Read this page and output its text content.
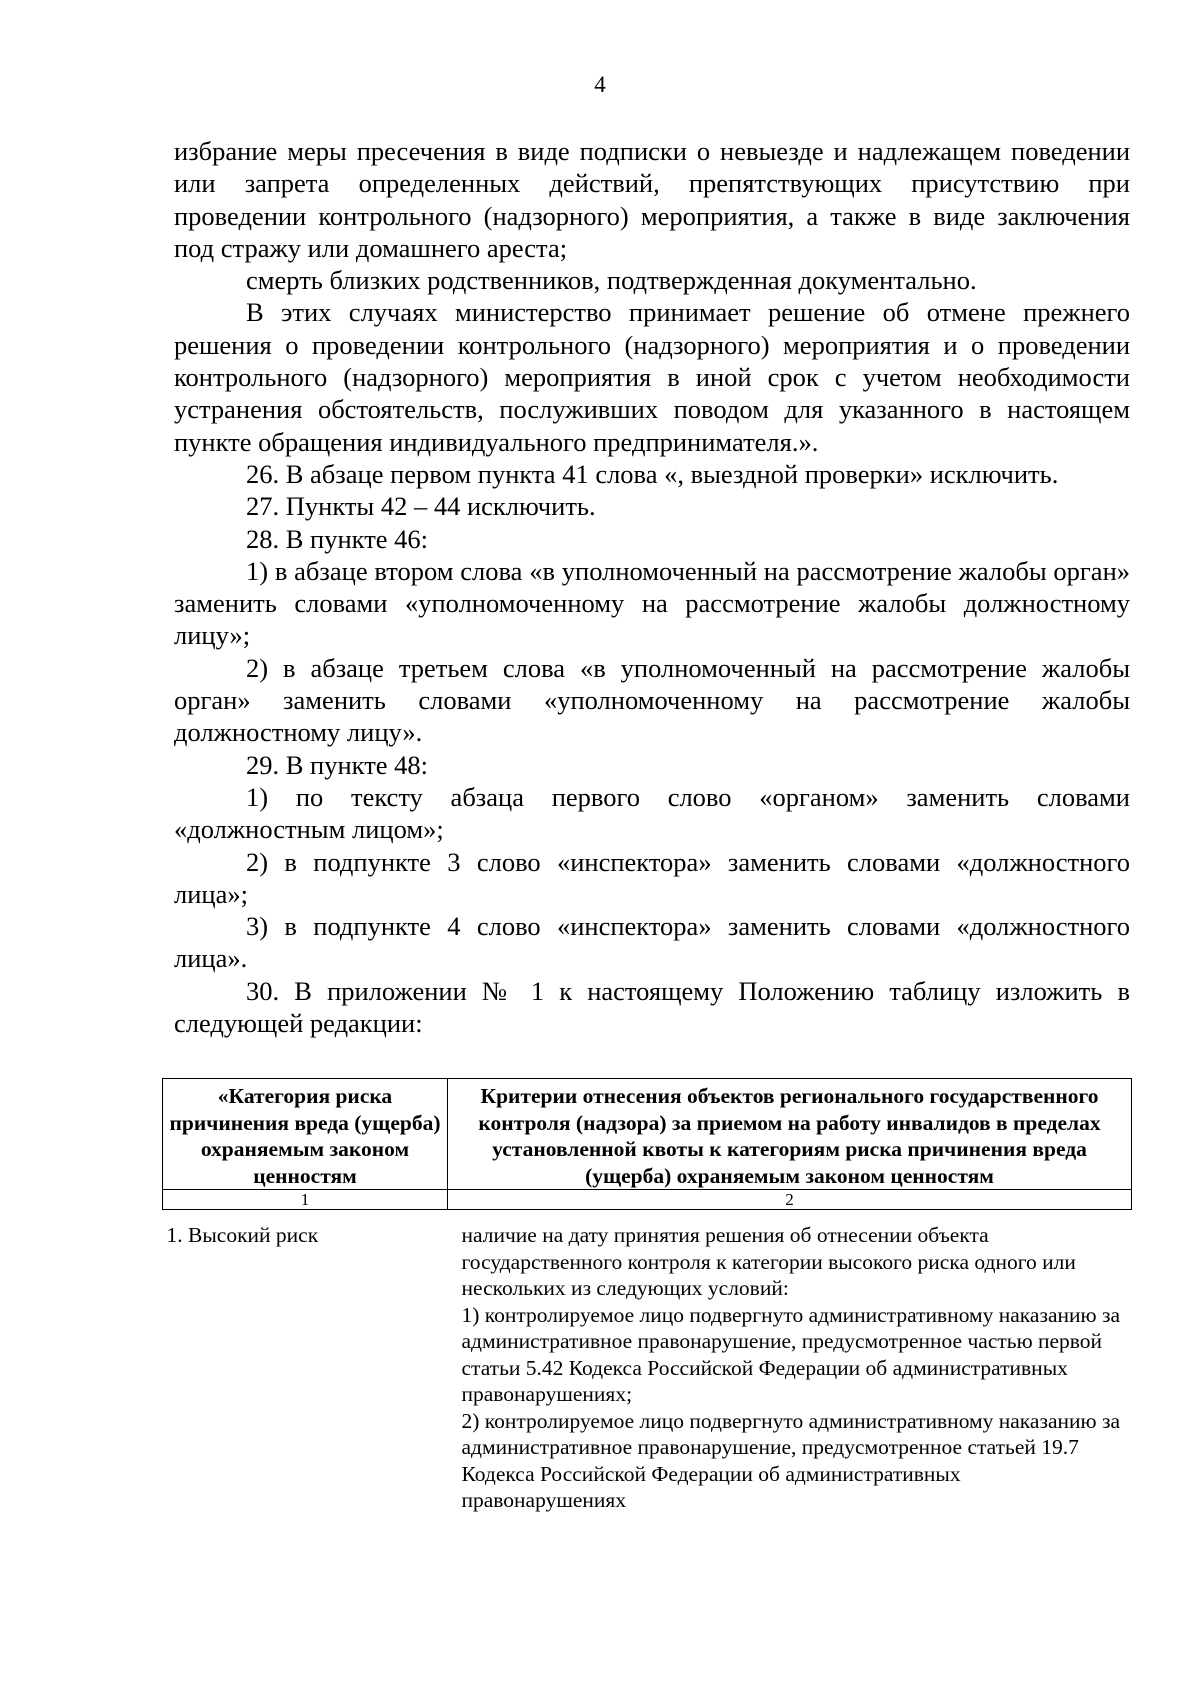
4

избрание меры пресечения в виде подписки о невыезде и надлежащем поведении или запрета определенных действий, препятствующих присутствию при проведении контрольного (надзорного) мероприятия, а также в виде заключения под стражу или домашнего ареста;

смерть близких родственников, подтвержденная документально.

В этих случаях министерство принимает решение об отмене прежнего решения о проведении контрольного (надзорного) мероприятия и о проведении контрольного (надзорного) мероприятия в иной срок с учетом необходимости устранения обстоятельств, послуживших поводом для указанного в настоящем пункте обращения индивидуального предпринимателя.».

26. В абзаце первом пункта 41 слова «, выездной проверки» исключить.

27. Пункты 42 – 44 исключить.

28. В пункте 46:

1) в абзаце втором слова «в уполномоченный на рассмотрение жалобы орган» заменить словами «уполномоченному на рассмотрение жалобы должностному лицу»;

2) в абзаце третьем слова «в уполномоченный на рассмотрение жалобы орган» заменить словами «уполномоченному на рассмотрение жалобы должностному лицу».

29. В пункте 48:

1) по тексту абзаца первого слово «органом» заменить словами «должностным лицом»;

2) в подпункте 3 слово «инспектора» заменить словами «должностного лица»;

3) в подпункте 4 слово «инспектора» заменить словами «должностного лица».

30. В приложении № 1 к настоящему Положению таблицу изложить в следующей редакции:

«Категория риска причинения вреда (ущерба) охраняемым законом ценностям	Критерии отнесения объектов регионального государственного контроля (надзора) за приемом на работу инвалидов в пределах установленной квоты к категориям риска причинения вреда (ущерба) охраняемым законом ценностям
1	2
1. Высокий риск	наличие на дату принятия решения об отнесении объекта государственного контроля к категории высокого риска одного или нескольких из следующих условий:
1) контролируемое лицо подвергнуто административному наказанию за административное правонарушение, предусмотренное частью первой статьи 5.42 Кодекса Российской Федерации об административных правонарушениях;
2) контролируемое лицо подвергнуто административному наказанию за административное правонарушение, предусмотренное статьей 19.7 Кодекса Российской Федерации об административных правонарушениях
